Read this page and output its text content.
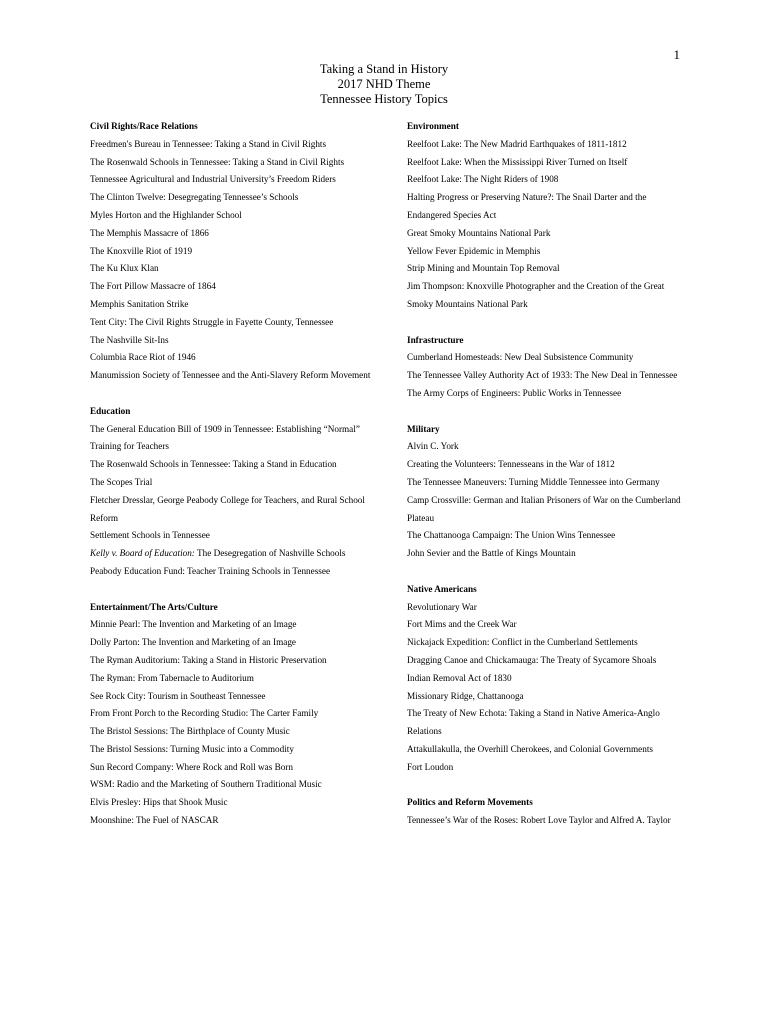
1
Taking a Stand in History
2017 NHD Theme
Tennessee History Topics
Civil Rights/Race Relations
Freedmen's Bureau in Tennessee: Taking a Stand in Civil Rights
The Rosenwald Schools in Tennessee: Taking a Stand in Civil Rights
Tennessee Agricultural and Industrial University’s Freedom Riders
The Clinton Twelve: Desegregating Tennessee’s Schools
Myles Horton and the Highlander School
The Memphis Massacre of 1866
The Knoxville Riot of 1919
The Ku Klux Klan
The Fort Pillow Massacre of 1864
Memphis Sanitation Strike
Tent City: The Civil Rights Struggle in Fayette County, Tennessee
The Nashville Sit-Ins
Columbia Race Riot of 1946
Manumission Society of Tennessee and the Anti-Slavery Reform Movement
Education
The General Education Bill of 1909 in Tennessee: Establishing “Normal” Training for Teachers
The Rosenwald Schools in Tennessee: Taking a Stand in Education
The Scopes Trial
Fletcher Dresslar, George Peabody College for Teachers, and Rural School Reform
Settlement Schools in Tennessee
Kelly v. Board of Education: The Desegregation of Nashville Schools
Peabody Education Fund: Teacher Training Schools in Tennessee
Entertainment/The Arts/Culture
Minnie Pearl: The Invention and Marketing of an Image
Dolly Parton: The Invention and Marketing of an Image
The Ryman Auditorium: Taking a Stand in Historic Preservation
The Ryman: From Tabernacle to Auditorium
See Rock City: Tourism in Southeast Tennessee
From Front Porch to the Recording Studio: The Carter Family
The Bristol Sessions: The Birthplace of County Music
The Bristol Sessions: Turning Music into a Commodity
Sun Record Company: Where Rock and Roll was Born
WSM: Radio and the Marketing of Southern Traditional Music
Elvis Presley: Hips that Shook Music
Moonshine: The Fuel of NASCAR
Environment
Reelfoot Lake: The New Madrid Earthquakes of 1811-1812
Reelfoot Lake: When the Mississippi River Turned on Itself
Reelfoot Lake: The Night Riders of 1908
Halting Progress or Preserving Nature?: The Snail Darter and the Endangered Species Act
Great Smoky Mountains National Park
Yellow Fever Epidemic in Memphis
Strip Mining and Mountain Top Removal
Jim Thompson: Knoxville Photographer and the Creation of the Great Smoky Mountains National Park
Infrastructure
Cumberland Homesteads: New Deal Subsistence Community
The Tennessee Valley Authority Act of 1933: The New Deal in Tennessee
The Army Corps of Engineers: Public Works in Tennessee
Military
Alvin C. York
Creating the Volunteers: Tennesseans in the War of 1812
The Tennessee Maneuvers: Turning Middle Tennessee into Germany
Camp Crossville: German and Italian Prisoners of War on the Cumberland Plateau
The Chattanooga Campaign: The Union Wins Tennessee
John Sevier and the Battle of Kings Mountain
Native Americans
Revolutionary War
Fort Mims and the Creek War
Nickajack Expedition: Conflict in the Cumberland Settlements
Dragging Canoe and Chickamauga: The Treaty of Sycamore Shoals
Indian Removal Act of 1830
Missionary Ridge, Chattanooga
The Treaty of New Echota: Taking a Stand in Native America-Anglo Relations
Attakullakulla, the Overhill Cherokees, and Colonial Governments
Fort Loudon
Politics and Reform Movements
Tennessee’s War of the Roses: Robert Love Taylor and Alfred A. Taylor
